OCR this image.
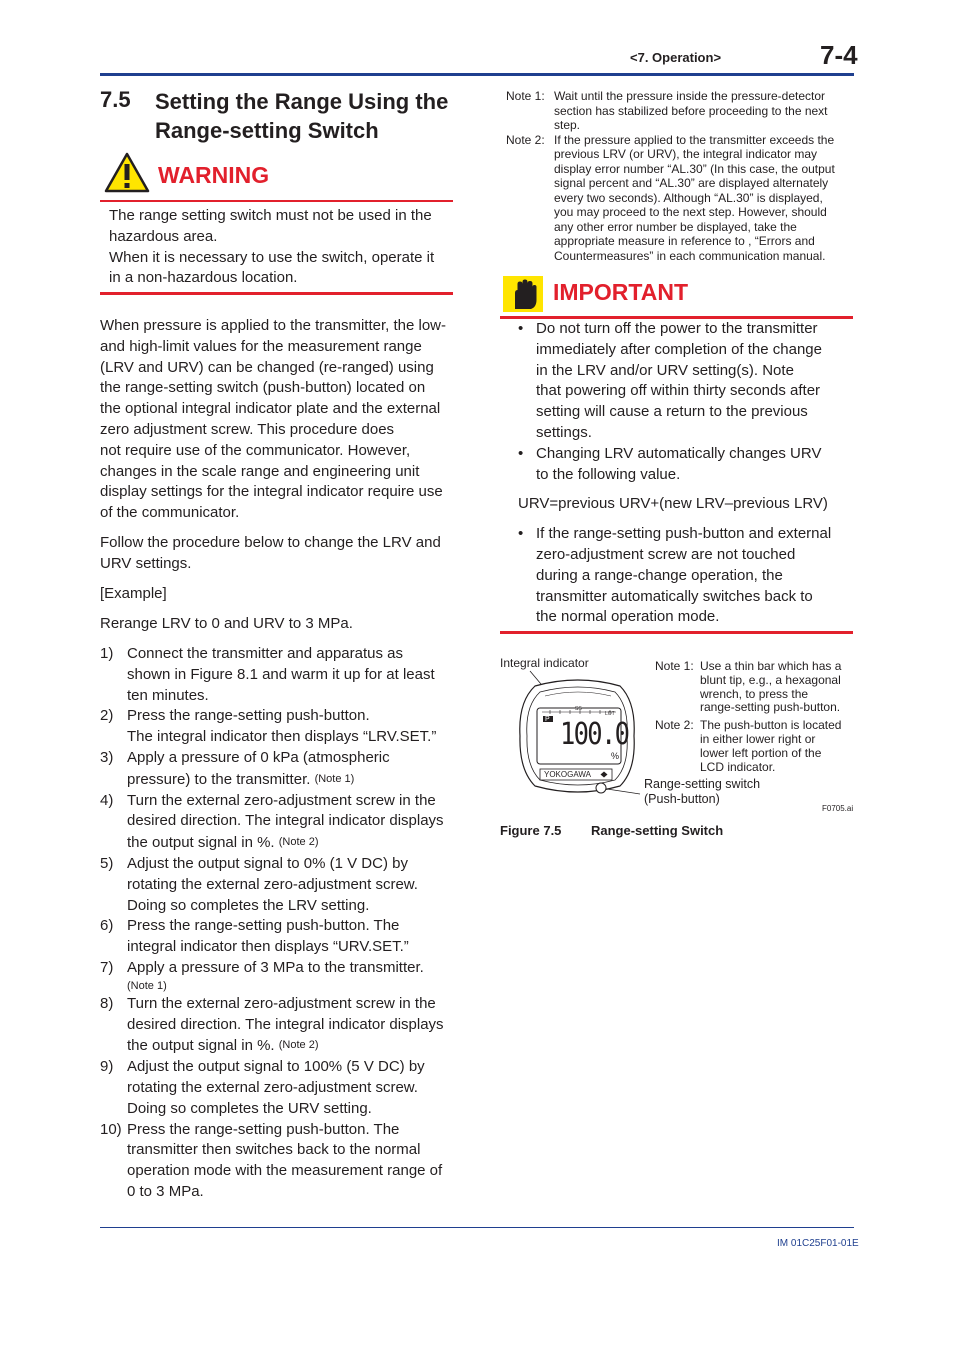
<7. Operation>	7-4
7.5 Setting the Range Using the Range-setting Switch
WARNING
The range setting switch must not be used in the
hazardous area.
When it is necessary to use the switch, operate it
in a non-hazardous location.
When pressure is applied to the transmitter, the low-
and high-limit values for the measurement range
(LRV and URV) can be changed (re-ranged) using
the range-setting switch (push-button) located on
the optional integral indicator plate and the external
zero adjustment screw. This procedure does
not require use of the communicator. However,
changes in the scale range and engineering unit
display settings for the integral indicator require use
of the communicator.
Follow the procedure below to change the LRV and
URV settings.
[Example]
Rerange LRV to 0 and URV to 3 MPa.
1) Connect the transmitter and apparatus as
shown in Figure 8.1 and warm it up for at least
ten minutes.
2) Press the range-setting push-button.
The integral indicator then displays “LRV.SET.”
3) Apply a pressure of 0 kPa (atmospheric
pressure) to the transmitter. $^{(Note 1)}$
4) Turn the external zero-adjustment screw in the
desired direction. The integral indicator displays
the output signal in %. $^{(Note 2)}$
5) Adjust the output signal to 0% (1 V DC) by
rotating the external zero-adjustment screw.
Doing so completes the LRV setting.
6) Press the range-setting push-button. The
integral indicator then displays “URV.SET.”
7) Apply a pressure of 3 MPa to the transmitter.
(Note 1)
8) Turn the external zero-adjustment screw in the
desired direction. The integral indicator displays
the output signal in %. $^{(Note 2)}$
9) Adjust the output signal to 100% (5 V DC) by
rotating the external zero-adjustment screw.
Doing so completes the URV setting.
10) Press the range-setting push-button. The
transmitter then switches back to the normal
operation mode with the measurement range of
0 to 3 MPa.
Note 1: Wait until the pressure inside the pressure-detector
section has stabilized before proceeding to the next
step.
Note 2: If the pressure applied to the transmitter exceeds the
previous LRV (or URV), the integral indicator may
display error number “AL.30” (In this case, the output
signal percent and “AL.30” are displayed alternately
every two seconds). Although “AL.30” is displayed,
you may proceed to the next step. However, should
any other error number be displayed, take the
appropriate measure in reference to , “Errors and
Countermeasures” in each communication manual.
IMPORTANT
• Do not turn off the power to the transmitter
immediately after completion of the change
in the LRV and/or URV setting(s). Note
that powering off within thirty seconds after
setting will cause a return to the previous
settings.
• Changing LRV automatically changes URV
to the following value.
URV=previous URV+(new LRV–previous LRV)
• If the range-setting push-button and external
zero-adjustment screw are not touched
during a range-change operation, the
transmitter automatically switches back to
the normal operation mode.
Integral indicator
P
SS
LOT
100.0
%
YOKOGAWA
Range-setting switch
(Push-button)
Note 1: Use a thin bar which has a
blunt tip, e.g., a hexagonal
wrench, to press the
range-setting push-button.
Note 2: The push-button is located
in either lower right or
lower left portion of the
LCD indicator.
F0705.ai
Figure 7.5 Range-setting Switch
IM 01C25F01-01E
